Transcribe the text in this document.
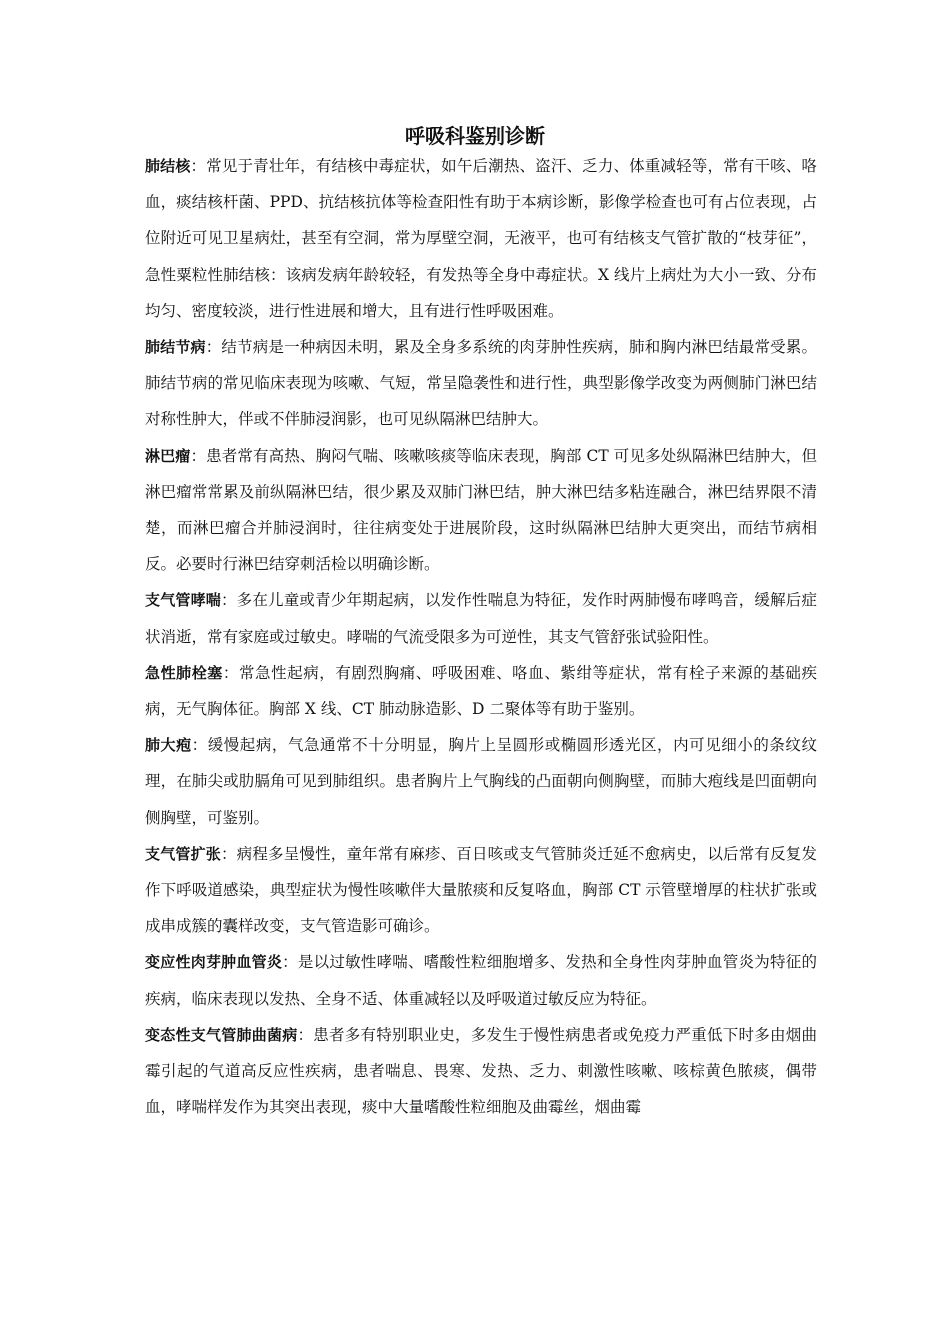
呼吸科鉴别诊断

肺结核：常见于青壮年，有结核中毒症状，如午后潮热、盗汗、乏力、体重减轻等，常有干咳、咯血，痰结核杆菌、PPD、抗结核抗体等检查阳性有助于本病诊断，影像学检查也可有占位表现，占位附近可见卫星病灶，甚至有空洞，常为厚壁空洞，无液平，也可有结核支气管扩散的“枝芽征”， 急性粟粒性肺结核：该病发病年龄较轻，有发热等全身中毒症状。X 线片上病灶为大小一致、分布均匀、密度较淡，进行性进展和增大，且有进行性呼吸困难。

肺结节病：结节病是一种病因未明，累及全身多系统的肉芽肿性疾病，肺和胸内淋巴结最常受累。肺结节病的常见临床表现为咳嗽、气短，常呈隐袭性和进行性，典型影像学改变为两侧肺门淋巴结对称性肿大，伴或不伴肺浸润影，也可见纵隔淋巴结肿大。

淋巴瘤：患者常有高热、胸闷气喘、咳嗽咳痰等临床表现，胸部 CT 可见多处纵隔淋巴结肿大，但淋巴瘤常常累及前纵隔淋巴结，很少累及双肺门淋巴结，肿大淋巴结多粘连融合，淋巴结界限不清楚，而淋巴瘤合并肺浸润时，往往病变处于进展阶段，这时纵隔淋巴结肿大更突出，而结节病相反。必要时行淋巴结穿刺活检以明确诊断。

支气管哮喘：多在儿童或青少年期起病，以发作性喘息为特征，发作时两肺慢布哮鸣音，缓解后症状消逝，常有家庭或过敏史。哮喘的气流受限多为可逆性，其支气管舒张试验阳性。

急性肺栓塞：常急性起病，有剧烈胸痛、呼吸困难、咯血、紫绀等症状，常有栓子来源的基础疾病，无气胸体征。胸部 X 线、CT 肺动脉造影、D 二聚体等有助于鉴别。

肺大疱：缓慢起病，气急通常不十分明显，胸片上呈圆形或椭圆形透光区，内可见细小的条纹纹理，在肺尖或肋膈角可见到肺组织。患者胸片上气胸线的凸面朝向侧胸壁，而肺大疱线是凹面朝向侧胸壁，可鉴别。

支气管扩张：病程多呈慢性，童年常有麻疹、百日咳或支气管肺炎迁延不愈病史，以后常有反复发作下呼吸道感染，典型症状为慢性咳嗽伴大量脓痰和反复咯血，胸部 CT 示管壁增厚的柱状扩张或成串成簇的囊样改变，支气管造影可确诊。

变应性肉芽肿血管炎：是以过敏性哮喘、嗜酸性粒细胞增多、发热和全身性肉芽肿血管炎为特征的疾病，临床表现以发热、全身不适、体重减轻以及呼吸道过敏反应为特征。

变态性支气管肺曲菌病：患者多有特别职业史，多发生于慢性病患者或免疫力严重低下时多由烟曲霉引起的气道高反应性疾病，患者喘息、畏寒、发热、乏力、刺激性咳嗽、咳棕黄色脓痰，偶带血，哮喘样发作为其突出表现，痰中大量嗜酸性粒细胞及曲霉丝，烟曲霉
